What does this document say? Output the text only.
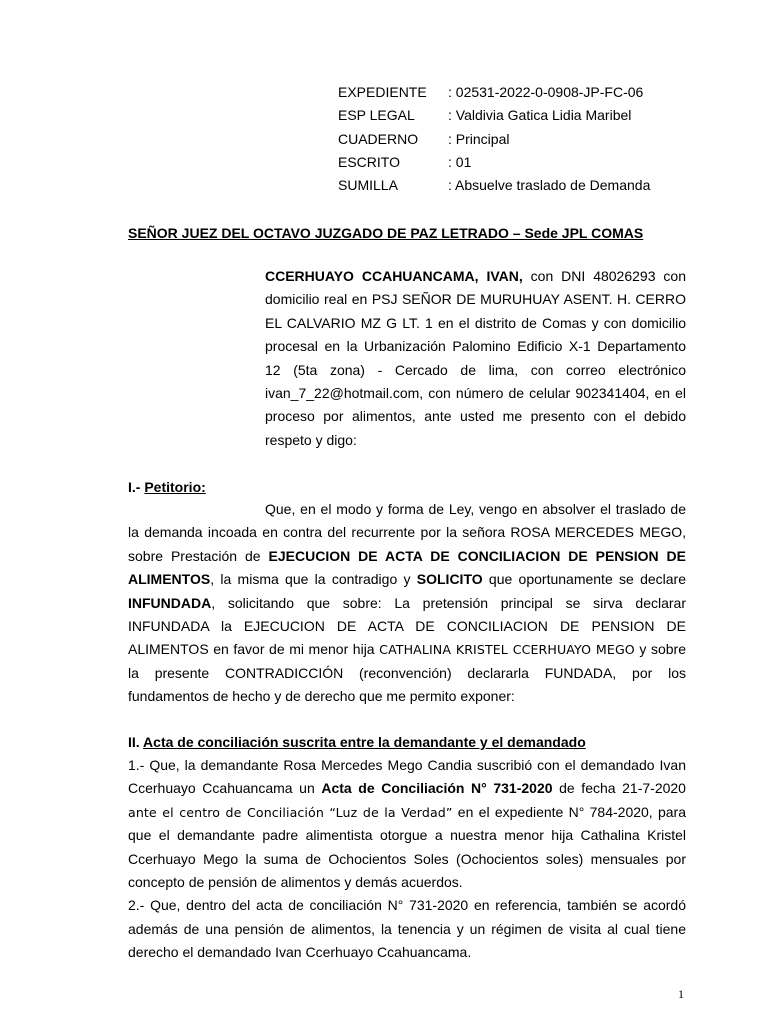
EXPEDIENTE	: 02531-2022-0-0908-JP-FC-06
ESP LEGAL	: Valdivia Gatica Lidia Maribel
CUADERNO	: Principal
ESCRITO	: 01
SUMILLA	: Absuelve traslado de Demanda
SEÑOR JUEZ DEL OCTAVO JUZGADO DE PAZ LETRADO – Sede JPL COMAS

CCERHUAYO CCAHUANCAMA, IVAN, con DNI 48026293 con domicilio real en PSJ SEÑOR DE MURUHUAY ASENT. H. CERRO EL CALVARIO MZ G LT. 1 en el distrito de Comas y con domicilio procesal en la Urbanización Palomino Edificio X-1 Departamento 12 (5ta zona) - Cercado de lima, con correo electrónico ivan_7_22@hotmail.com, con número de celular 902341404, en el proceso por alimentos, ante usted me presento con el debido respeto y digo:

I.- Petitorio:

Que, en el modo y forma de Ley, vengo en absolver el traslado de la demanda incoada en contra del recurrente por la señora ROSA MERCEDES MEGO, sobre Prestación de EJECUCION DE ACTA DE CONCILIACION DE PENSION DE ALIMENTOS, la misma que la contradigo y SOLICITO que oportunamente se declare INFUNDADA, solicitando que sobre: La pretensión principal se sirva declarar INFUNDADA la EJECUCION DE ACTA DE CONCILIACION DE PENSION DE ALIMENTOS en favor de mi menor hija CATHALINA KRISTEL CCERHUAYO MEGO y sobre la presente CONTRADICCIÓN (reconvención) declararla FUNDADA, por los fundamentos de hecho y de derecho que me permito exponer:

II. Acta de conciliación suscrita entre la demandante y el demandado

1.- Que, la demandante Rosa Mercedes Mego Candia suscribió con el demandado Ivan Ccerhuayo Ccahuancama un Acta de Conciliación N° 731-2020 de fecha 21-7-2020 ante el centro de Conciliación “Luz de la Verdad” en el expediente N° 784-2020, para que el demandante padre alimentista otorgue a nuestra menor hija Cathalina Kristel Ccerhuayo Mego la suma de Ochocientos Soles (Ochocientos soles) mensuales por concepto de pensión de alimentos y demás acuerdos.

2.- Que, dentro del acta de conciliación N° 731-2020 en referencia, también se acordó además de una pensión de alimentos, la tenencia y un régimen de visita al cual tiene derecho el demandado Ivan Ccerhuayo Ccahuancama.

1
